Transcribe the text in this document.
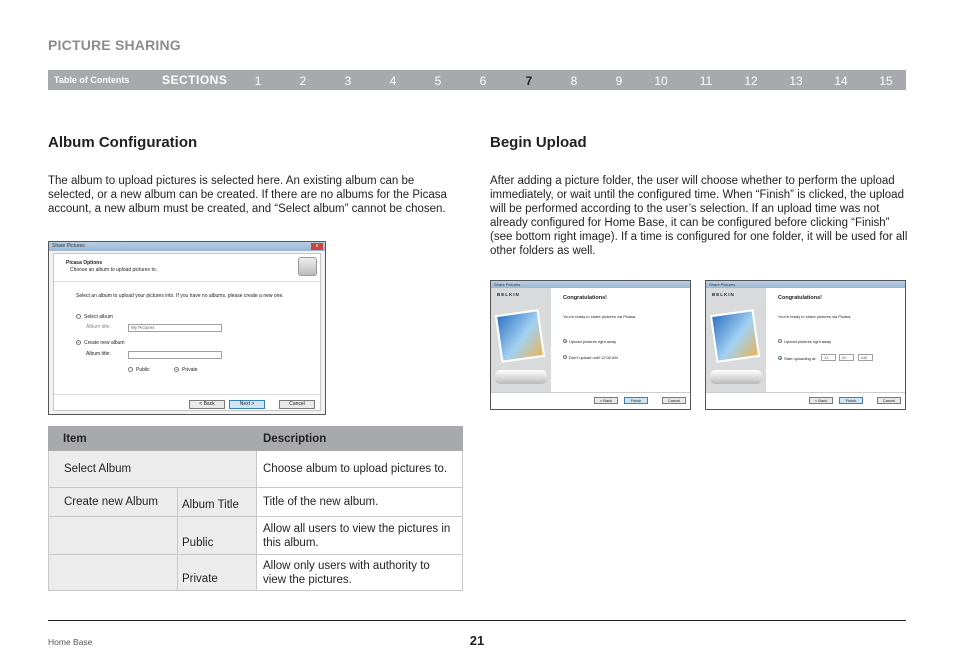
PICTURE SHARING
Table of Contents	SECTIONS	1	2	3	4	5	6	7	8	9	10	11	12	13	14	15
Album Configuration
The album to upload pictures is selected here. An existing album can be selected, or a new album can be created. If there are no albums for the Picasa account, a new album must be created, and “Select album” cannot be chosen.
Share Pictures	x
Picasa Options
Choose an album to upload pictures to.
Select an album to upload your pictures into. If you have no albums, please create a new one.
Select album
Album title:	My Pictures
Create new album
Album title:
Public	Private
< Back	Next >	Cancel
Begin Upload
After adding a picture folder, the user will choose whether to perform the upload immediately, or wait until the configured time. When “Finish” is clicked, the upload will be performed according to the user’s selection. If an upload time was not already configured for Home Base, it can be configured before clicking “Finish” (see bottom right image). If a time is configured for one folder, it will be used for all other folders as well.
Share Pictures
BELKIN
Congratulations!
You're ready to share pictures via Picasa.
Upload pictures right away
Don't upload until 12:00 AM
< Back	Finish	Cancel
Share Pictures
BELKIN
Congratulations!
You're ready to share pictures via Picasa.
Upload pictures right away
Start uploading at:	12	00	AM
< Back	Finish	Cancel
Item		Description
Select Album		Choose album to upload pictures to.
Create new Album	Album Title	Title of the new album.
	Public	Allow all users to view the pictures in this album.
	Private	Allow only users with authority to view the pictures.
Home Base	21
